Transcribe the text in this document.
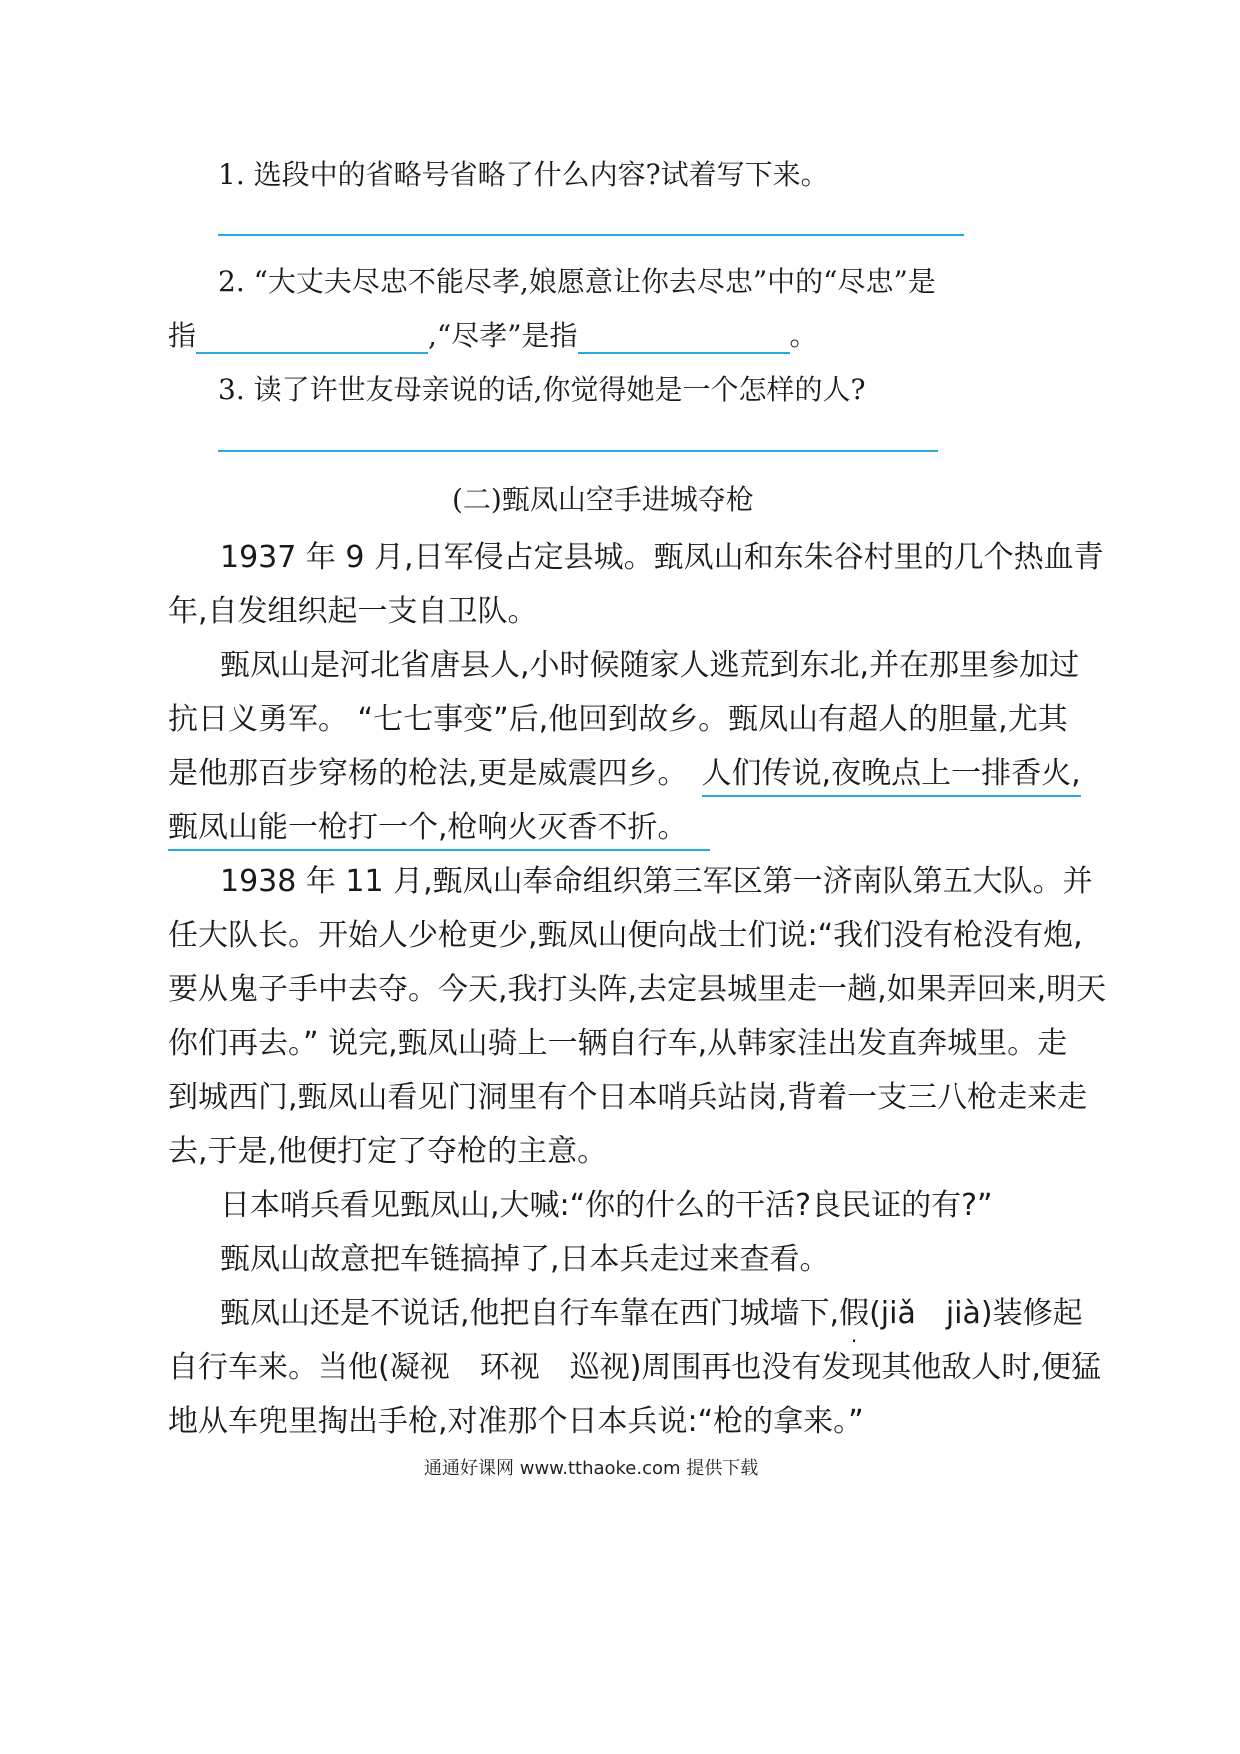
1. 选段中的省略号省略了什么内容?试着写下来。
2. “大丈夫尽忠不能尽孝,娘愿意让你去尽忠”中的“尽忠”是
指	,“尽孝”是指	。
3. 读了许世友母亲说的话,你觉得她是一个怎样的人?
(二)甄凤山空手进城夺枪
1937 年 9 月,日军侵占定县城。甄凤山和东朱谷村里的几个热血青
年,自发组织起一支自卫队。
甄凤山是河北省唐县人,小时候随家人逃荒到东北,并在那里参加过
抗日义勇军。 “七七事变”后,他回到故乡。甄凤山有超人的胆量,尤其
是他那百步穿杨的枪法,更是威震四乡。 人们传说,夜晚点上一排香火,
甄凤山能一枪打一个,枪响火灭香不折。
1938 年 11 月,甄凤山奉命组织第三军区第一济南队第五大队。并
任大队长。开始人少枪更少,甄凤山便向战士们说:“我们没有枪没有炮,
要从鬼子手中去夺。今天,我打头阵,去定县城里走一趟,如果弄回来,明天
你们再去。” 说完,甄凤山骑上一辆自行车,从韩家洼出发直奔城里。走
到城西门,甄凤山看见门洞里有个日本哨兵站岗,背着一支三八枪走来走
去,于是,他便打定了夺枪的主意。
日本哨兵看见甄凤山,大喊:“你的什么的干活?良民证的有?”
甄凤山故意把车链搞掉了,日本兵走过来查看。
甄凤山还是不说话,他把自行车靠在西门城墙下,假(jiǎ　jià)装修起
自行车来。当他(凝视　环视　巡视)周围再也没有发现其他敌人时,便猛
地从车兜里掏出手枪,对准那个日本兵说:“枪的拿来。”
通通好课网 www.tthaoke.com 提供下载
